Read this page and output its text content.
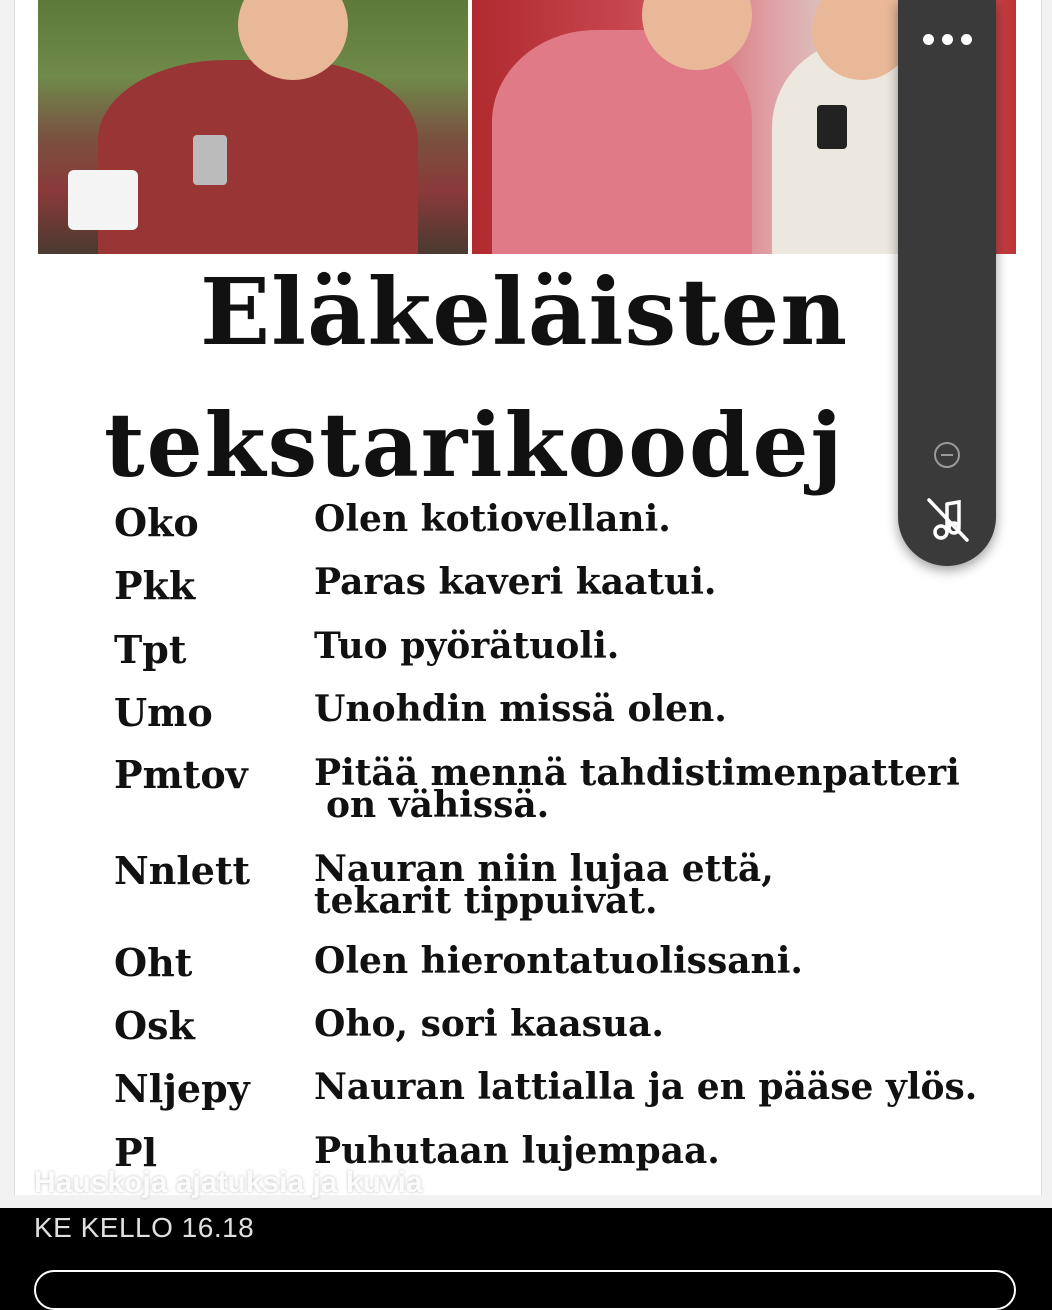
Eläkeläisten
tekstarikoodej
Oko	Olen kotiovellani.
Pkk	Paras kaveri kaatui.
Tpt	Tuo pyörätuoli.
Umo	Unohdin missä olen.
Pmtov Pitää mennä tahdistimenpatteri
on vähissä.
Nnlett Nauran niin lujaa että,
tekarit tippuivat.
Oht	Olen hierontatuolissani.
Osk	Oho, sori kaasua.
Nljepy Nauran lattialla ja en pääse ylös.
Pl	Puhutaan lujempaa.
Hauskoja ajatuksia ja kuvia
KE KELLO 16.18
